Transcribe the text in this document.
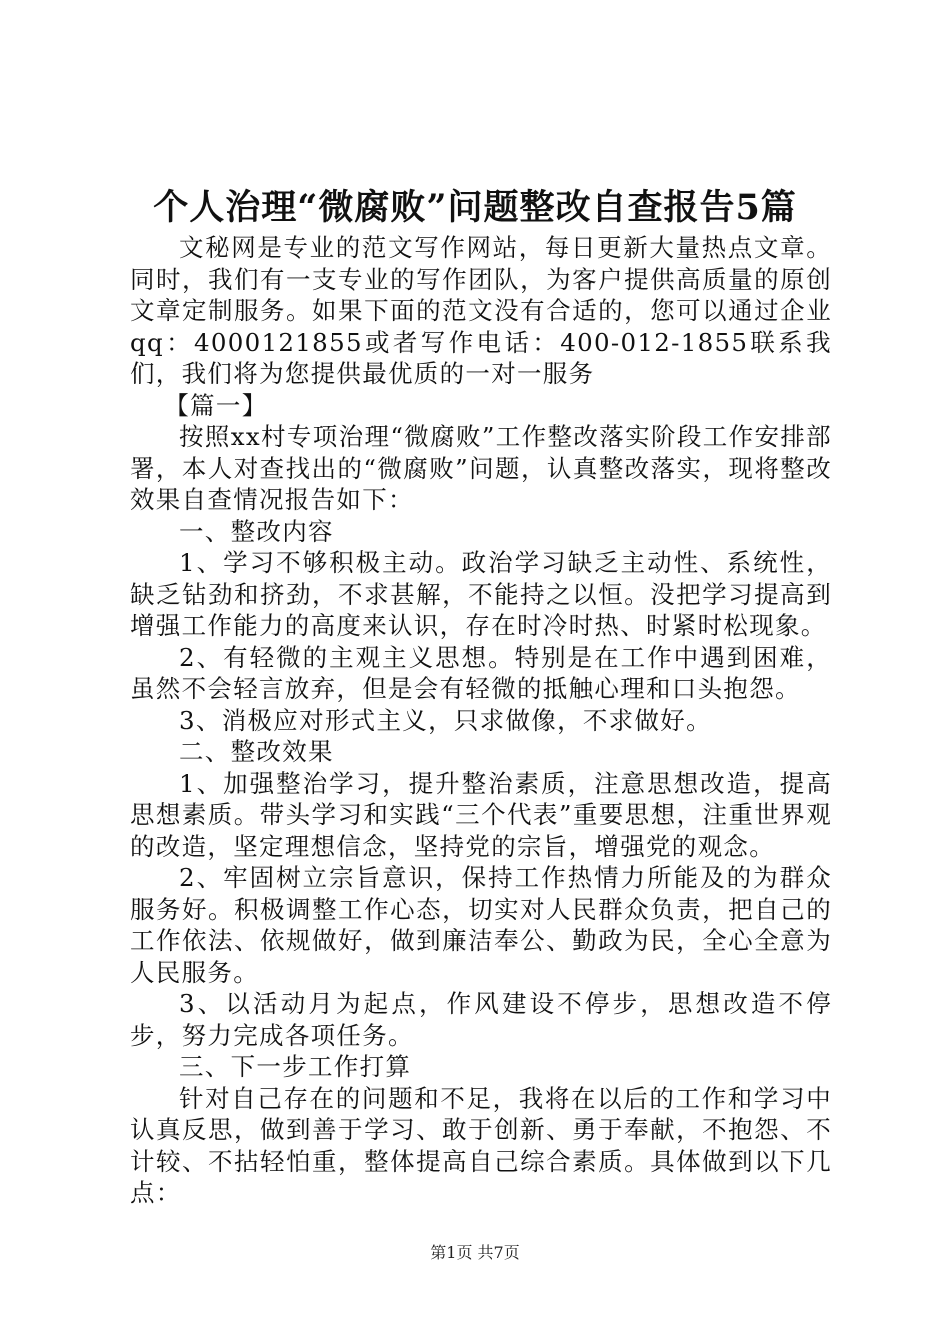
个人治理“微腐败”问题整改自查报告5篇

文秘网是专业的范文写作网站，每日更新大量热点文章。同时，我们有一支专业的写作团队，为客户提供高质量的原创文章定制服务。如果下面的范文没有合适的，您可以通过企业qq：4000121855或者写作电话：400-012-1855联系我们，我们将为您提供最优质的一对一服务

【篇一】

按照xx村专项治理“微腐败”工作整改落实阶段工作安排部署，本人对查找出的“微腐败”问题，认真整改落实，现将整改效果自查情况报告如下：

一、整改内容

1、学习不够积极主动。政治学习缺乏主动性、系统性，缺乏钻劲和挤劲，不求甚解，不能持之以恒。没把学习提高到增强工作能力的高度来认识，存在时冷时热、时紧时松现象。

2、有轻微的主观主义思想。特别是在工作中遇到困难，虽然不会轻言放弃，但是会有轻微的抵触心理和口头抱怨。

3、消极应对形式主义，只求做像，不求做好。

二、整改效果

1、加强整治学习，提升整治素质，注意思想改造，提高思想素质。带头学习和实践“三个代表”重要思想，注重世界观的改造，坚定理想信念，坚持党的宗旨，增强党的观念。

2、牢固树立宗旨意识，保持工作热情力所能及的为群众服务好。积极调整工作心态，切实对人民群众负责，把自己的工作依法、依规做好，做到廉洁奉公、勤政为民，全心全意为人民服务。

3、以活动月为起点，作风建设不停步，思想改造不停步，努力完成各项任务。

三、下一步工作打算

针对自己存在的问题和不足，我将在以后的工作和学习中认真反思，做到善于学习、敢于创新、勇于奉献，不抱怨、不计较、不拈轻怕重，整体提高自己综合素质。具体做到以下几点：

第1页 共7页
